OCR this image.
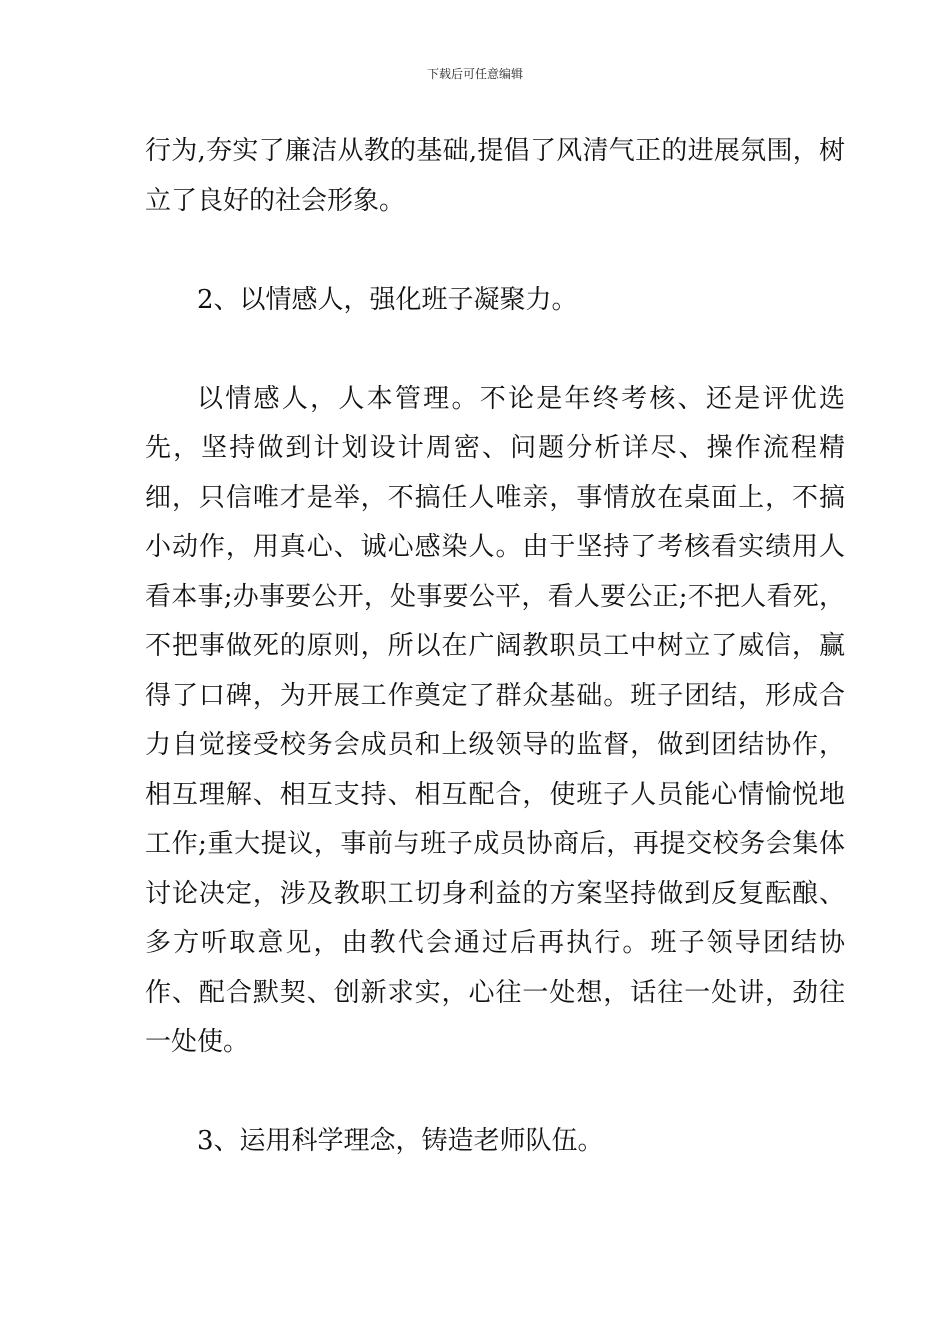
下载后可任意编辑

行为,夯实了廉洁从教的基础,提倡了风清气正的进展氛围，树立了良好的社会形象。

2、以情感人，强化班子凝聚力。

以情感人，人本管理。不论是年终考核、还是评优选先，坚持做到计划设计周密、问题分析详尽、操作流程精细，只信唯才是举，不搞任人唯亲，事情放在桌面上，不搞小动作，用真心、诚心感染人。由于坚持了考核看实绩用人看本事;办事要公开，处事要公平，看人要公正;不把人看死，不把事做死的原则，所以在广阔教职员工中树立了威信，赢得了口碑，为开展工作奠定了群众基础。班子团结，形成合力自觉接受校务会成员和上级领导的监督，做到团结协作，相互理解、相互支持、相互配合，使班子人员能心情愉悦地工作;重大提议，事前与班子成员协商后，再提交校务会集体讨论决定，涉及教职工切身利益的方案坚持做到反复酝酿、多方听取意见，由教代会通过后再执行。班子领导团结协作、配合默契、创新求实，心往一处想，话往一处讲，劲往一处使。

3、运用科学理念，铸造老师队伍。
